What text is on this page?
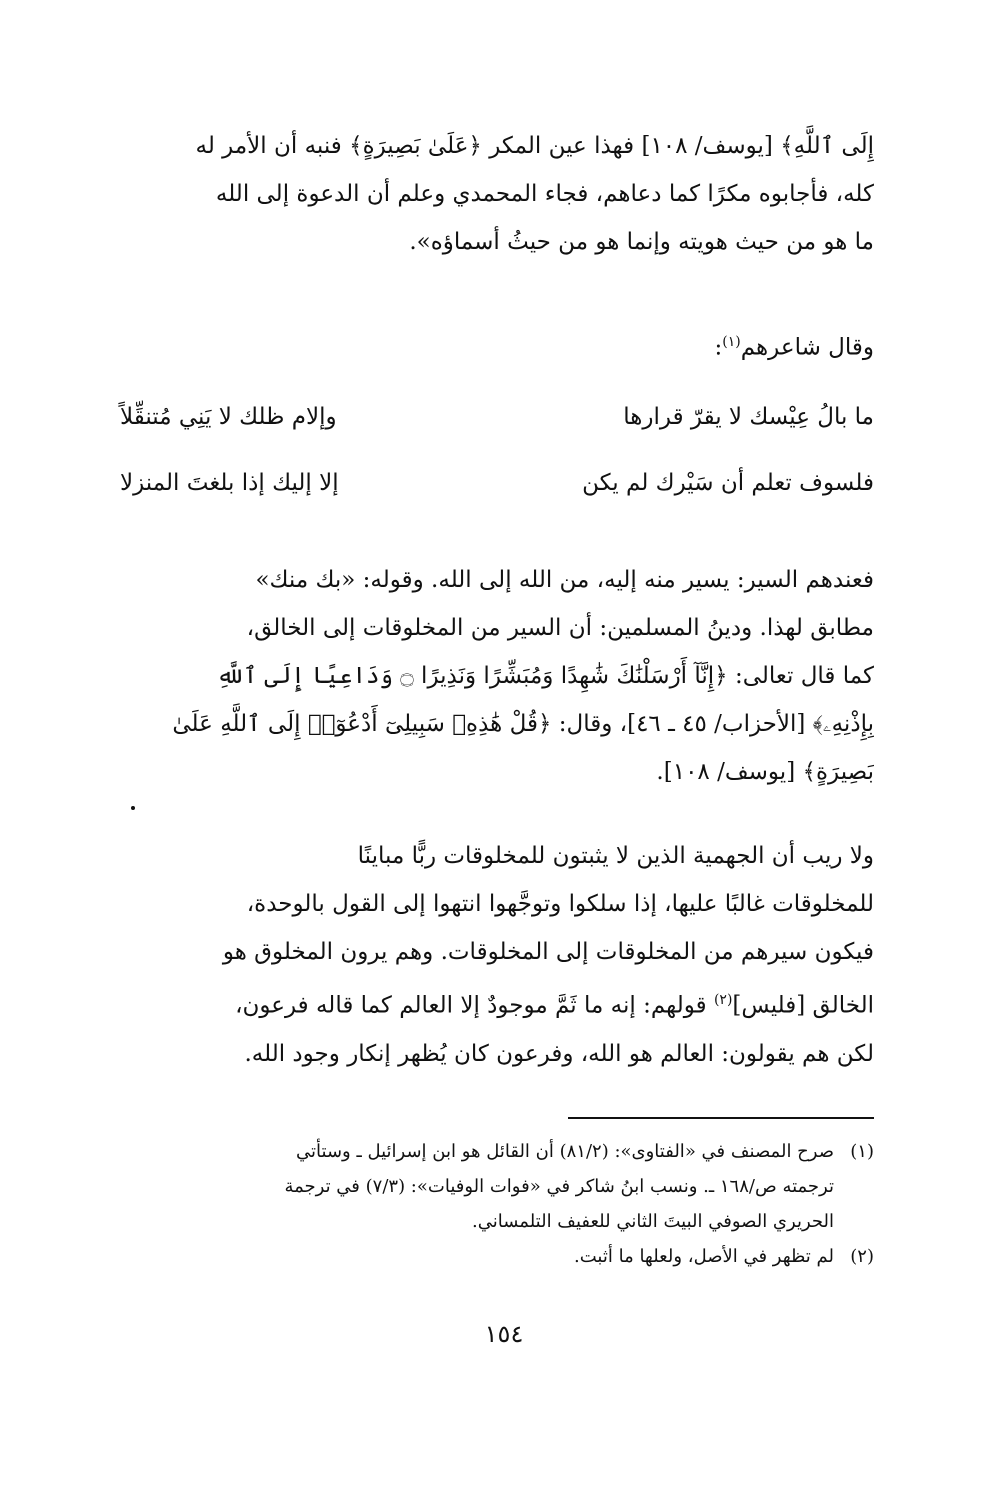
إِلَى ٱللَّهِ﴾ [يوسف/ ١٠٨] فهذا عين المكر ﴿عَلَىٰ بَصِيرَةٍ﴾ فنبه أن الأمر له
كله، فأجابوه مكرًا كما دعاهم، فجاء المحمدي وعلم أن الدعوة إلى الله
ما هو من حيث هويته وإنما هو من حيثُ أسماؤه».
وقال شاعرهم$^{(١)}$:
ما بالُ عِيْسك لا يقرّ قرارها
وإلام ظلك لا يَنِي مُتنقِّلاً
فلسوف تعلم أن سَيْرك لم يكن
إلا إليك إذا بلغتَ المنزلا
فعندهم السير: يسير منه إليه، من الله إلى الله. وقوله: «بك منك»
مطابق لهذا. ودينُ المسلمين: أن السير من المخلوقات إلى الخالق،
كما قال تعالى: ﴿إِنَّآ أَرْسَلْنَٰكَ شَٰهِدًا وَمُبَشِّرًا وَنَذِيرًا ۝ وَدَاعِيًا إِلَى ٱللَّهِ
بِإِذْنِهِۦ﴾ [الأحزاب/ ٤٥ ـ ٤٦]، وقال: ﴿قُلْ هَٰذِهِۦ سَبِيلِىٓ أَدْعُوٓا۟ إِلَى ٱللَّهِ عَلَىٰ
بَصِيرَةٍ﴾ [يوسف/ ١٠٨].
ولا ريب أن الجهمية الذين لا يثبتون للمخلوقات ربًّا مباينًا
للمخلوقات غالبًا عليها، إذا سلكوا وتوجَّهوا انتهوا إلى القول بالوحدة،
فيكون سيرهم من المخلوقات إلى المخلوقات. وهم يرون المخلوق هو
الخالق [فليس]$^{(٢)}$ قولهم: إنه ما ثَمَّ موجودٌ إلا العالم كما قاله فرعون،
لكن هم يقولون: العالم هو الله، وفرعون كان يُظهر إنكار وجود الله.
(١)
صرح المصنف في «الفتاوى»: (٨١/٢) أن القائل هو ابن إسرائيل ـ وستأتي
ترجمته ص/١٦٨ ـ. ونسب ابنُ شاكر في «فوات الوفيات»: (٧/٣) في ترجمة
الحريري الصوفي البيتَ الثاني للعفيف التلمساني.
(٢)
لم تظهر في الأصل، ولعلها ما أثبت.
١٥٤
